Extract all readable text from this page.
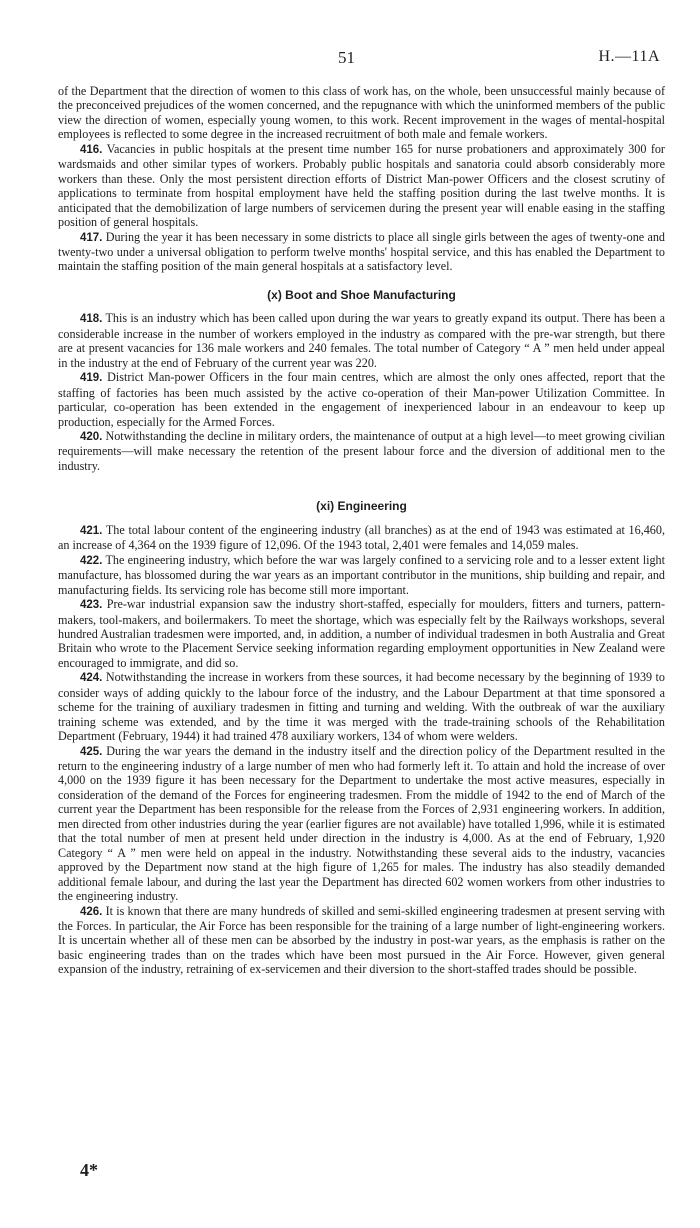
51	H.—11A

of the Department that the direction of women to this class of work has, on the whole, been unsuccessful mainly because of the preconceived prejudices of the women concerned, and the repugnance with which the uninformed members of the public view the direction of women, especially young women, to this work. Recent improvement in the wages of mental-hospital employees is reflected to some degree in the increased recruitment of both male and female workers.

416. Vacancies in public hospitals at the present time number 165 for nurse probationers and approximately 300 for wardsmaids and other similar types of workers. Probably public hospitals and sanatoria could absorb considerably more workers than these. Only the most persistent direction efforts of District Man-power Officers and the closest scrutiny of applications to terminate from hospital employment have held the staffing position during the last twelve months. It is anticipated that the demobilization of large numbers of servicemen during the present year will enable easing in the staffing position of general hospitals.

417. During the year it has been necessary in some districts to place all single girls between the ages of twenty-one and twenty-two under a universal obligation to perform twelve months' hospital service, and this has enabled the Department to maintain the staffing position of the main general hospitals at a satisfactory level.

(x) Boot and Shoe Manufacturing

418. This is an industry which has been called upon during the war years to greatly expand its output. There has been a considerable increase in the number of workers employed in the industry as compared with the pre-war strength, but there are at present vacancies for 136 male workers and 240 females. The total number of Category “ A ” men held under appeal in the industry at the end of February of the current year was 220.

419. District Man-power Officers in the four main centres, which are almost the only ones affected, report that the staffing of factories has been much assisted by the active co-operation of their Man-power Utilization Committee. In particular, co-operation has been extended in the engagement of inexperienced labour in an endeavour to keep up production, especially for the Armed Forces.

420. Notwithstanding the decline in military orders, the maintenance of output at a high level—to meet growing civilian requirements—will make necessary the retention of the present labour force and the diversion of additional men to the industry.

(xi) Engineering

421. The total labour content of the engineering industry (all branches) as at the end of 1943 was estimated at 16,460, an increase of 4,364 on the 1939 figure of 12,096. Of the 1943 total, 2,401 were females and 14,059 males.

422. The engineering industry, which before the war was largely confined to a servicing role and to a lesser extent light manufacture, has blossomed during the war years as an important contributor in the munitions, ship building and repair, and manufacturing fields. Its servicing role has become still more important.

423. Pre-war industrial expansion saw the industry short-staffed, especially for moulders, fitters and turners, pattern-makers, tool-makers, and boilermakers. To meet the shortage, which was especially felt by the Railways workshops, several hundred Australian tradesmen were imported, and, in addition, a number of individual tradesmen in both Australia and Great Britain who wrote to the Placement Service seeking information regarding employment opportunities in New Zealand were encouraged to immigrate, and did so.

424. Notwithstanding the increase in workers from these sources, it had become necessary by the beginning of 1939 to consider ways of adding quickly to the labour force of the industry, and the Labour Department at that time sponsored a scheme for the training of auxiliary tradesmen in fitting and turning and welding. With the outbreak of war the auxiliary training scheme was extended, and by the time it was merged with the trade-training schools of the Rehabilitation Department (February, 1944) it had trained 478 auxiliary workers, 134 of whom were welders.

425. During the war years the demand in the industry itself and the direction policy of the Department resulted in the return to the engineering industry of a large number of men who had formerly left it. To attain and hold the increase of over 4,000 on the 1939 figure it has been necessary for the Department to undertake the most active measures, especially in consideration of the demand of the Forces for engineering tradesmen. From the middle of 1942 to the end of March of the current year the Department has been responsible for the release from the Forces of 2,931 engineering workers. In addition, men directed from other industries during the year (earlier figures are not available) have totalled 1,996, while it is estimated that the total number of men at present held under direction in the industry is 4,000. As at the end of February, 1,920 Category “ A ” men were held on appeal in the industry. Notwithstanding these several aids to the industry, vacancies approved by the Department now stand at the high figure of 1,265 for males. The industry has also steadily demanded additional female labour, and during the last year the Department has directed 602 women workers from other industries to the engineering industry.

426. It is known that there are many hundreds of skilled and semi-skilled engineering tradesmen at present serving with the Forces. In particular, the Air Force has been responsible for the training of a large number of light-engineering workers. It is uncertain whether all of these men can be absorbed by the industry in post-war years, as the emphasis is rather on the basic engineering trades than on the trades which have been most pursued in the Air Force. However, given general expansion of the industry, retraining of ex-servicemen and their diversion to the short-staffed trades should be possible.

4*
